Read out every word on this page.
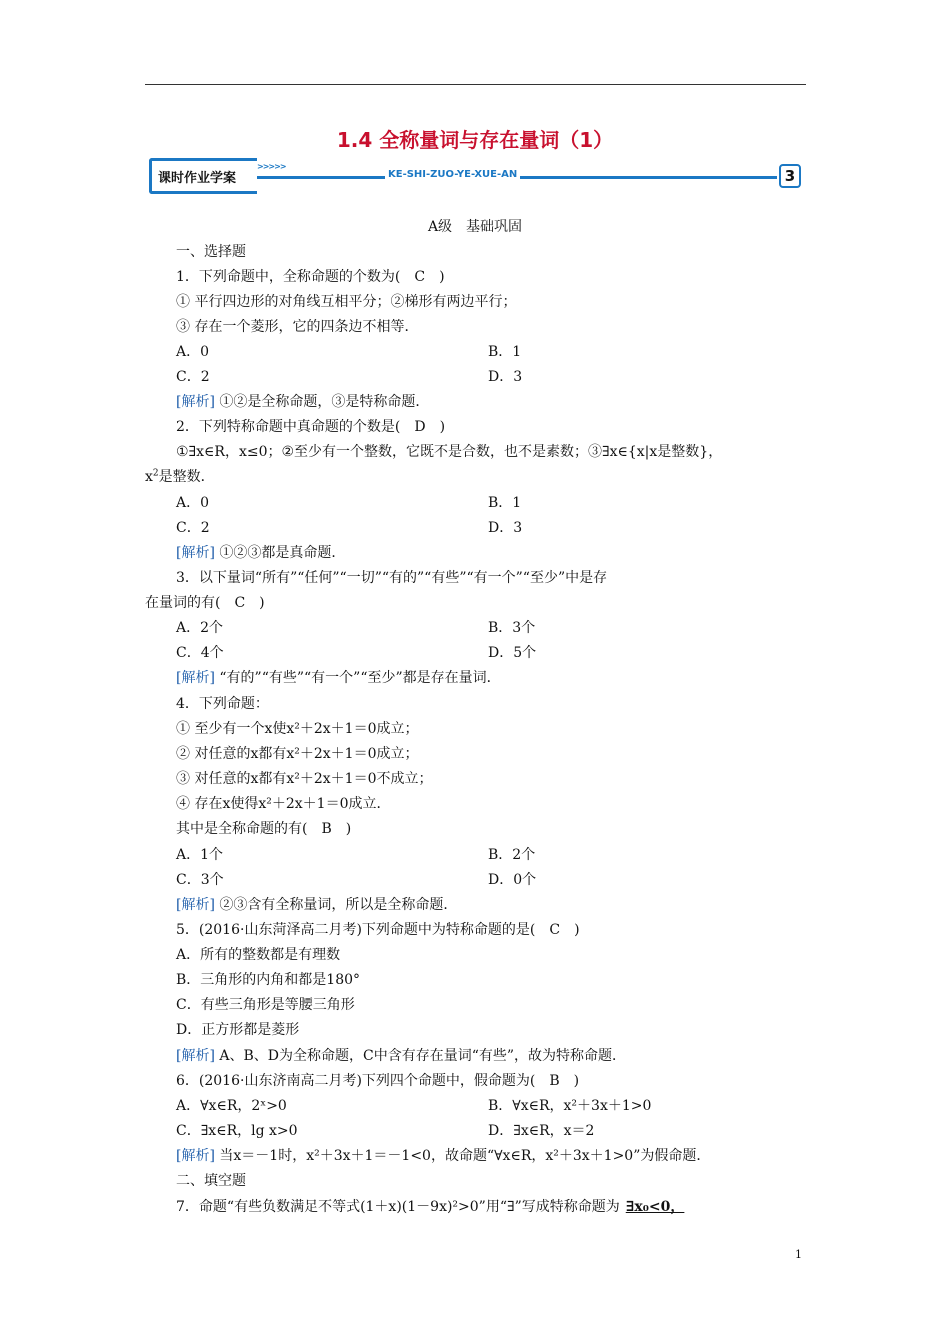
1.4 全称量词与存在量词（1）
课时作业学案
>>>>>
KE-SHI-ZUO-YE-XUE-AN	3
A级　基础巩固
一、选择题
1．下列命题中，全称命题的个数为(　C　)
① 平行四边形的对角线互相平分；②梯形有两边平行；
③ 存在一个菱形，它的四条边不相等．
A．0	B．1
C．2	D．3
[解析] ①②是全称命题，③是特称命题．
2．下列特称命题中真命题的个数是(　D　)
①∃x∈R，x≤0；②至少有一个整数，它既不是合数，也不是素数；③∃x∈{x|x是整数}，
$x^2$是整数．
A．0	B．1
C．2	D．3
[解析] ①②③都是真命题．
3．以下量词“所有”“任何”“一切”“有的”“有些”“有一个”“至少”中是存
在量词的有(　C　)
A．2个	B．3个
C．4个	D．5个
[解析] “有的”“有些”“有一个”“至少”都是存在量词．
4．下列命题：
① 至少有一个x使x²＋2x＋1＝0成立；
② 对任意的x都有x²＋2x＋1＝0成立；
③ 对任意的x都有x²＋2x＋1＝0不成立；
④ 存在x使得x²＋2x＋1＝0成立．
其中是全称命题的有(　B　)
A．1个	B．2个
C．3个	D．0个
[解析] ②③含有全称量词，所以是全称命题．
5．(2016·山东菏泽高二月考)下列命题中为特称命题的是(　C　)
A．所有的整数都是有理数
B．三角形的内角和都是180°
C．有些三角形是等腰三角形
D．正方形都是菱形
[解析] A、B、D为全称命题，C中含有存在量词“有些”，故为特称命题．
6．(2016·山东济南高二月考)下列四个命题中，假命题为(　B　)
A．∀x∈R，2ˣ>0	B．∀x∈R，x²＋3x＋1>0
C．∃x∈R，lg x>0	D．∃x∈R，x＝2
[解析] 当x＝－1时，x²＋3x＋1＝－1<0，故命题“∀x∈R，x²＋3x＋1>0”为假命题．
二、填空题
7．命题“有些负数满足不等式(1＋x)(1－9x)²>0”用“∃”写成特称命题为 ∃x₀<0，
1
